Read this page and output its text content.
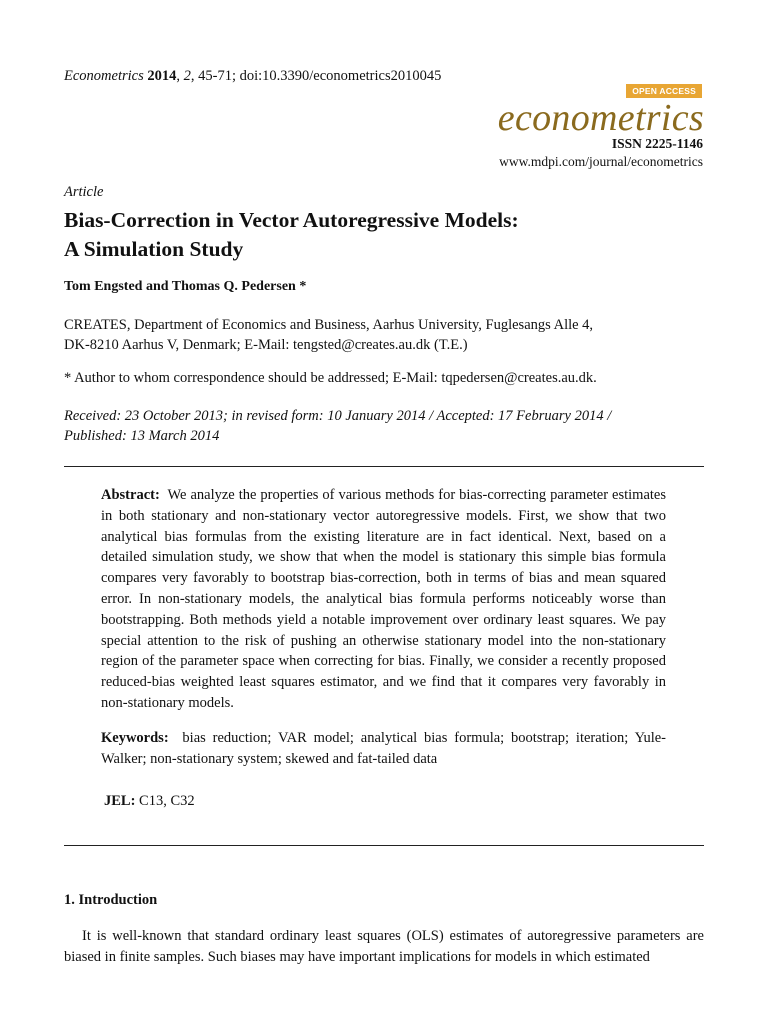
Econometrics 2014, 2, 45-71; doi:10.3390/econometrics2010045
OPEN ACCESS
econometrics
ISSN 2225-1146
www.mdpi.com/journal/econometrics
Article
Bias-Correction in Vector Autoregressive Models:
A Simulation Study
Tom Engsted and Thomas Q. Pedersen *
CREATES, Department of Economics and Business, Aarhus University, Fuglesangs Alle 4,
DK-8210 Aarhus V, Denmark; E-Mail: tengsted@creates.au.dk (T.E.)
* Author to whom correspondence should be addressed; E-Mail: tqpedersen@creates.au.dk.
Received: 23 October 2013; in revised form: 10 January 2014 / Accepted: 17 February 2014 /
Published: 13 March 2014
Abstract: We analyze the properties of various methods for bias-correcting parameter estimates in both stationary and non-stationary vector autoregressive models. First, we show that two analytical bias formulas from the existing literature are in fact identical. Next, based on a detailed simulation study, we show that when the model is stationary this simple bias formula compares very favorably to bootstrap bias-correction, both in terms of bias and mean squared error. In non-stationary models, the analytical bias formula performs noticeably worse than bootstrapping. Both methods yield a notable improvement over ordinary least squares. We pay special attention to the risk of pushing an otherwise stationary model into the non-stationary region of the parameter space when correcting for bias. Finally, we consider a recently proposed reduced-bias weighted least squares estimator, and we find that it compares very favorably in non-stationary models.
Keywords: bias reduction; VAR model; analytical bias formula; bootstrap; iteration; Yule-Walker; non-stationary system; skewed and fat-tailed data
JEL: C13, C32
1. Introduction
It is well-known that standard ordinary least squares (OLS) estimates of autoregressive parameters are biased in finite samples. Such biases may have important implications for models in which estimated
